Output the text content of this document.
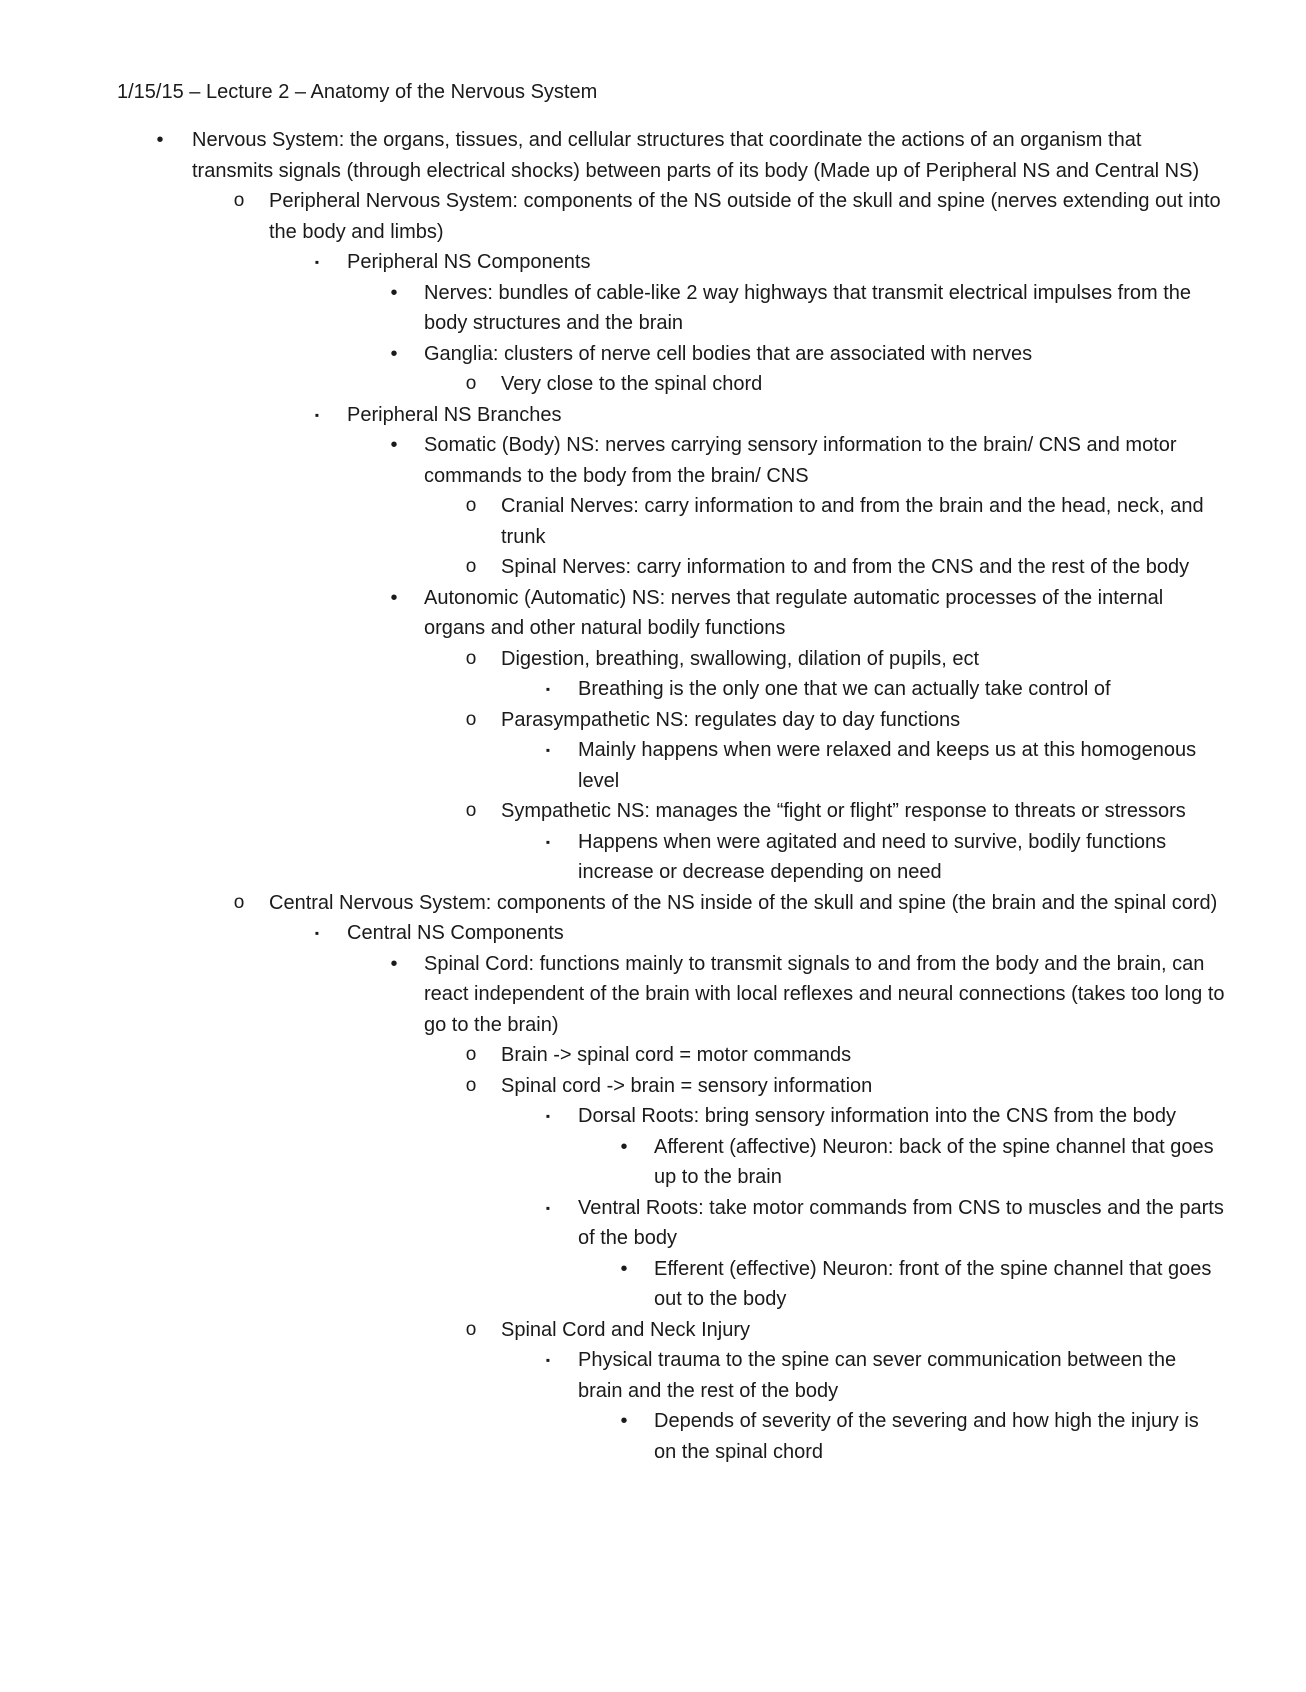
1/15/15 – Lecture 2 – Anatomy of the Nervous System
•	Nervous System: the organs, tissues, and cellular structures that coordinate the actions of an organism that transmits signals (through electrical shocks) between parts of its body (Made up of Peripheral NS and Central NS)
o	Peripheral Nervous System: components of the NS outside of the skull and spine (nerves extending out into the body and limbs)
▪	Peripheral NS Components
•	Nerves: bundles of cable-like 2 way highways that transmit electrical impulses from the body structures and the brain
•	Ganglia: clusters of nerve cell bodies that are associated with nerves
o	Very close to the spinal chord
▪	Peripheral NS Branches
•	Somatic (Body) NS: nerves carrying sensory information to the brain/ CNS and motor commands to the body from the brain/ CNS
o	Cranial Nerves: carry information to and from the brain and the head, neck, and trunk
o	Spinal Nerves: carry information to and from the CNS and the rest of the body
•	Autonomic (Automatic) NS: nerves that regulate automatic processes of the internal organs and other natural bodily functions
o	Digestion, breathing, swallowing, dilation of pupils, ect
▪	Breathing is the only one that we can actually take control of
o	Parasympathetic NS: regulates day to day functions
▪	Mainly happens when were relaxed and keeps us at this homogenous level
o	Sympathetic NS: manages the “fight or flight” response to threats or stressors
▪	Happens when were agitated and need to survive, bodily functions increase or decrease depending on need
o	Central Nervous System: components of the NS inside of the skull and spine (the brain and the spinal cord)
▪	Central NS Components
•	Spinal Cord: functions mainly to transmit signals to and from the body and the brain, can react independent of the brain with local reflexes and neural connections (takes too long to go to the brain)
o	Brain -> spinal cord = motor commands
o	Spinal cord -> brain = sensory information
▪	Dorsal Roots: bring sensory information into the CNS from the body
•	Afferent (affective) Neuron: back of the spine channel that goes up to the brain
▪	Ventral Roots: take motor commands from CNS to muscles and the parts of the body
•	Efferent (effective) Neuron: front of the spine channel that goes out to the body
o	Spinal Cord and Neck Injury
▪	Physical trauma to the spine can sever communication between the brain and the rest of the body
•	Depends of severity of the severing and how high the injury is on the spinal chord
